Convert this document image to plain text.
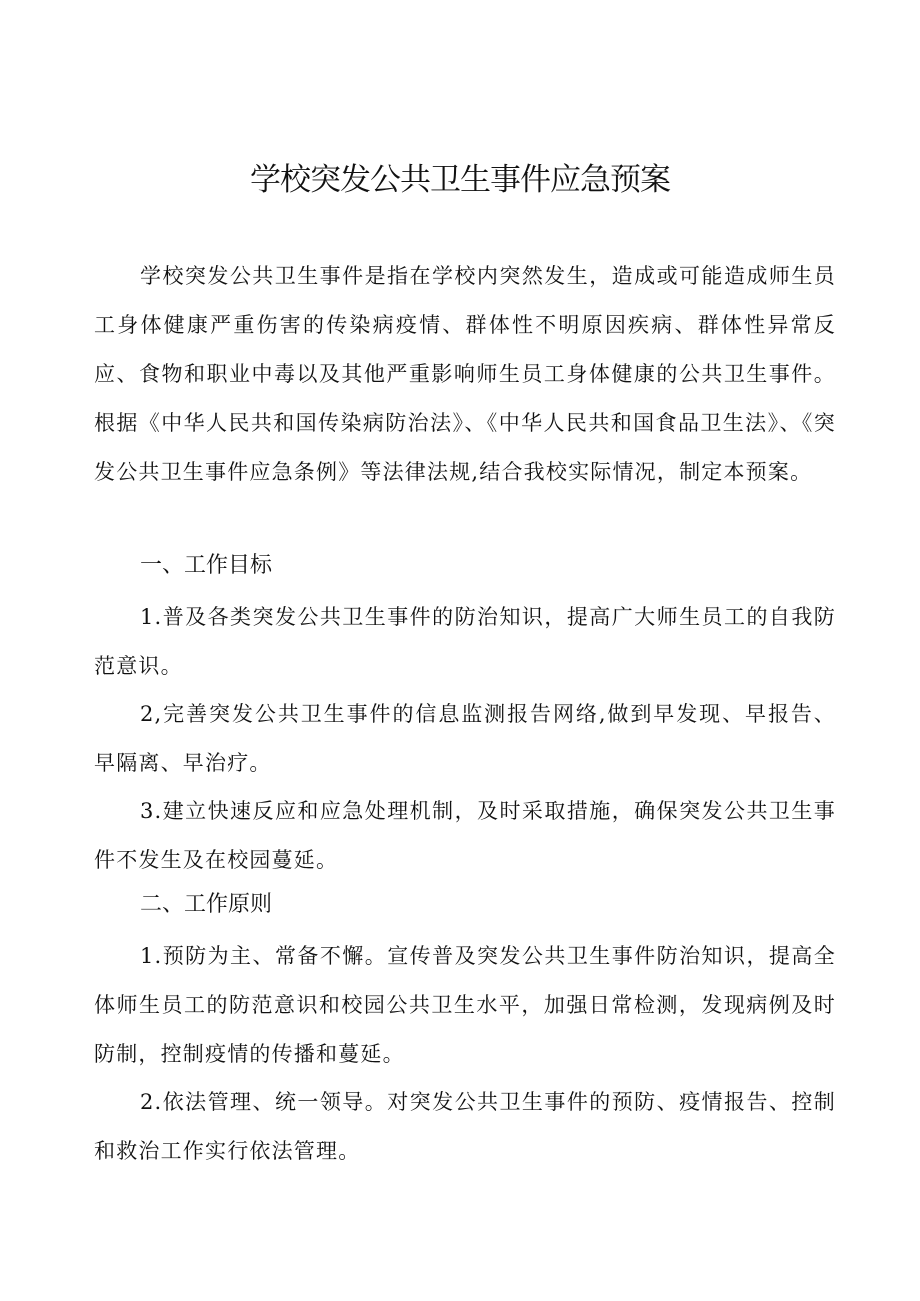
学校突发公共卫生事件应急预案

学校突发公共卫生事件是指在学校内突然发生，造成或可能造成师生员工身体健康严重伤害的传染病疫情、群体性不明原因疾病、群体性异常反应、食物和职业中毒以及其他严重影响师生员工身体健康的公共卫生事件。根据《中华人民共和国传染病防治法》、《中华人民共和国食品卫生法》、《突发公共卫生事件应急条例》等法律法规,结合我校实际情况，制定本预案。

一、工作目标

1.普及各类突发公共卫生事件的防治知识，提高广大师生员工的自我防范意识。

2,完善突发公共卫生事件的信息监测报告网络,做到早发现、早报告、早隔离、早治疗。

3.建立快速反应和应急处理机制，及时采取措施，确保突发公共卫生事件不发生及在校园蔓延。

二、工作原则

1.预防为主、常备不懈。宣传普及突发公共卫生事件防治知识，提高全体师生员工的防范意识和校园公共卫生水平，加强日常检测，发现病例及时防制，控制疫情的传播和蔓延。

2.依法管理、统一领导。对突发公共卫生事件的预防、疫情报告、控制和救治工作实行依法管理。
